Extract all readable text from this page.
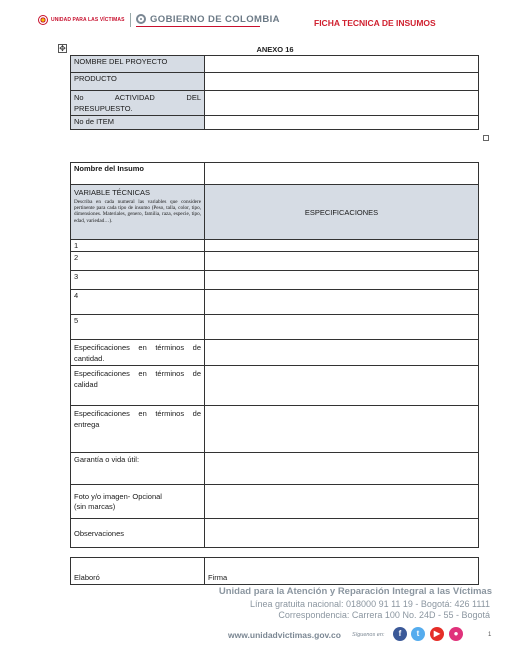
UNIDAD PARA LAS VÍCTIMAS	GOBIERNO DE COLOMBIA	FICHA TECNICA DE INSUMOS
✥	ANEXO 16
NOMBRE DEL PROYECTO	
PRODUCTO	
No ACTIVIDAD DEL PRESUPUESTO.	
No de ITEM	
Nombre del Insumo	

VARIABLE TÉCNICAS
Describa en cada numeral las variables que considere pertinente para cada tipo de insumo (Peso, talla, color, tipo, dimensiones. Materiales, genero, familia, raza, especie, tipo, edad, variedad…).	ESPECIFICACIONES
1	
2	
3	
4	
5	
Especificaciones en términos de cantidad.	
Especificaciones en términos de calidad	
Especificaciones en términos de entrega	
Garantía o vida útil:	

Foto y/o imagen- Opcional
(sin marcas)	

Observaciones	
Elaboró	Firma
Unidad para la Atención y Reparación Integral a las Víctimas
Línea gratuita nacional: 018000 91 11 19 - Bogotá: 426 1111
Correspondencia: Carrera 100 No. 24D - 55 - Bogotá
www.unidadvictimas.gov.co Síguenos en:	f	t	▶	●	1
